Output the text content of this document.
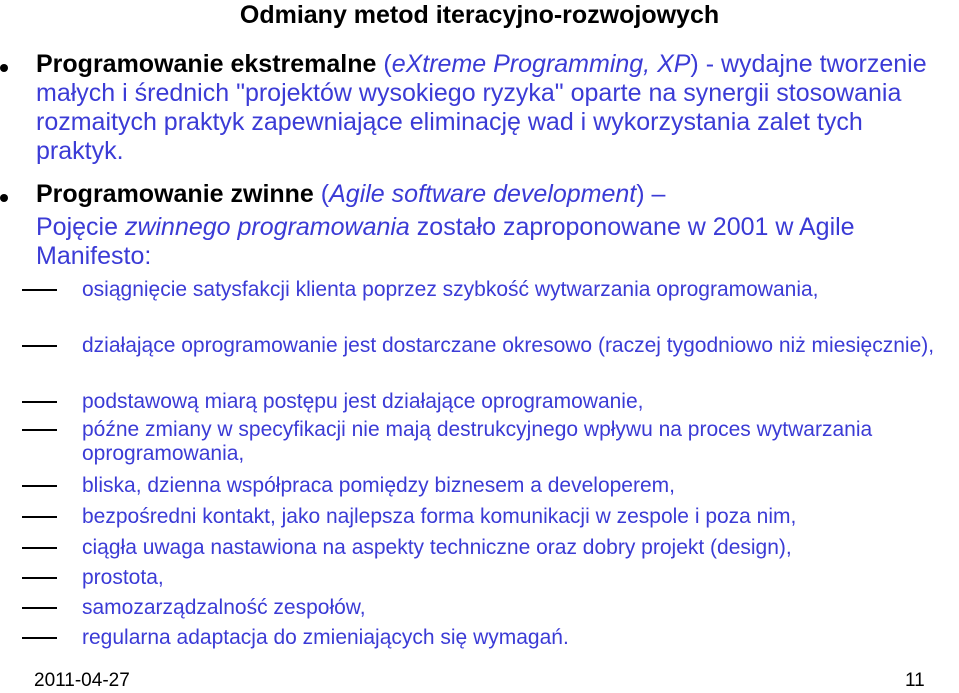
Odmiany metod iteracyjno-rozwojowych
Programowanie ekstremalne (eXtreme Programming, XP) - wydajne tworzenie małych i średnich "projektów wysokiego ryzyka" oparte na synergii stosowania rozmaitych praktyk zapewniające eliminację wad i wykorzystania zalet tych praktyk.
Programowanie zwinne (Agile software development) –
Pojęcie zwinnego programowania zostało zaproponowane w 2001 w Agile Manifesto:
osiągnięcie satysfakcji klienta poprzez szybkość wytwarzania oprogramowania,
działające oprogramowanie jest dostarczane okresowo (raczej tygodniowo niż miesięcznie),
podstawową miarą postępu jest działające oprogramowanie,
późne zmiany w specyfikacji nie mają destrukcyjnego wpływu na proces wytwarzania oprogramowania,
bliska, dzienna współpraca pomiędzy biznesem a developerem,
bezpośredni kontakt, jako najlepsza forma komunikacji w zespole i poza nim,
ciągła uwaga nastawiona na aspekty techniczne oraz dobry projekt (design),
prostota,
samozarządzalność zespołów,
regularna adaptacja do zmieniających się wymagań.
2011-04-27	11
